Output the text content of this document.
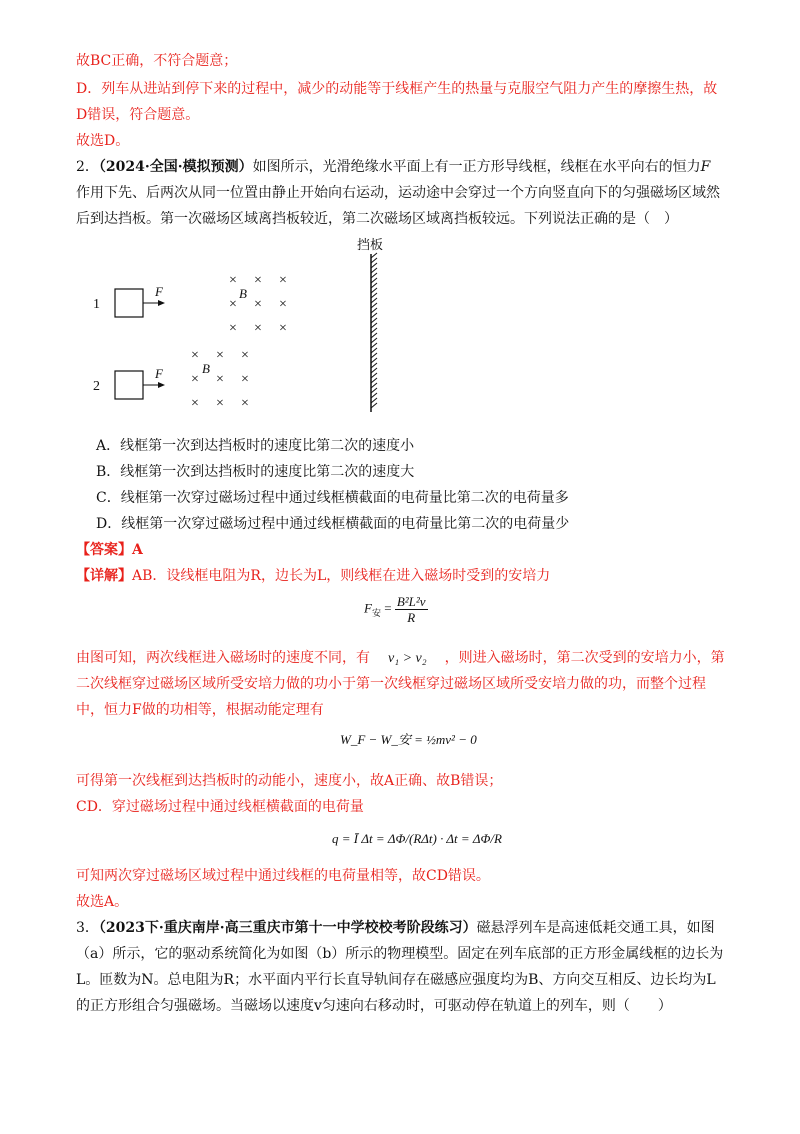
故BC正确，不符合题意；
D．列车从进站到停下来的过程中，减少的动能等于线框产生的热量与克服空气阻力产生的摩擦生热，故
D错误，符合题意。
故选D。
2．（2024·全国·模拟预测）如图所示，光滑绝缘水平面上有一正方形导线框，线框在水平向右的恒力F
作用下先、后两次从同一位置由静止开始向右运动，运动途中会穿过一个方向竖直向下的匀强磁场区域然
后到达挡板。第一次磁场区域离挡板较近，第二次磁场区域离挡板较远。下列说法正确的是（　）
挡板
1
F
× × ×
× × ×
× × ×
B
2
F
× × ×
× × ×
× × ×
B
A．线框第一次到达挡板时的速度比第二次的速度小
B．线框第一次到达挡板时的速度比第二次的速度大
C．线框第一次穿过磁场过程中通过线框横截面的电荷量比第二次的电荷量多
D．线框第一次穿过磁场过程中通过线框横截面的电荷量比第二次的电荷量少
【答案】A
【详解】AB．设线框电阻为R，边长为L，则线框在进入磁场时受到的安培力
$F_安 = \frac{\text{B²L²v}}{R}$
由图可知，两次线框进入磁场时的速度不同，有 v₁ > v₂ ，则进入磁场时，第二次受到的安培力小，第
二次线框穿过磁场区域所受安培力做的功小于第一次线框穿过磁场区域所受安培力做的功，而整个过程
中，恒力F做的功相等，根据动能定理有
W_F − W_安 = ½mv² − 0
可得第一次线框到达挡板时的动能小，速度小，故A正确、故B错误；
CD．穿过磁场过程中通过线框横截面的电荷量
q = Ī Δt = ΔΦ/(RΔt) · Δt = ΔΦ/R
可知两次穿过磁场区域过程中通过线框的电荷量相等，故CD错误。
故选A。
3．（2023下·重庆南岸·高三重庆市第十一中学校校考阶段练习）磁悬浮列车是高速低耗交通工具，如图
（a）所示，它的驱动系统简化为如图（b）所示的物理模型。固定在列车底部的正方形金属线框的边长为
L。匝数为N。总电阻为R；水平面内平行长直导轨间存在磁感应强度均为B、方向交互相反、边长均为L
的正方形组合匀强磁场。当磁场以速度v匀速向右移动时，可驱动停在轨道上的列车，则（　　）
